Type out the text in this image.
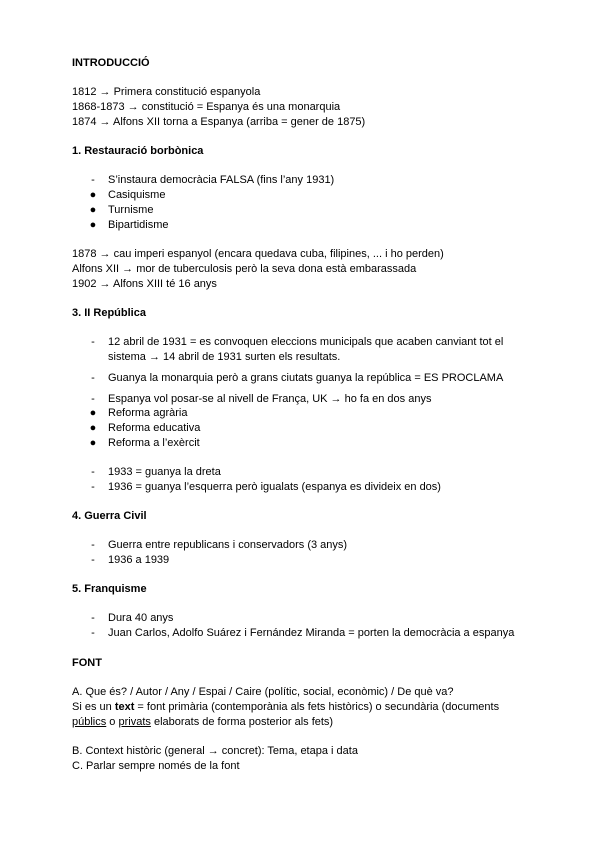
INTRODUCCIÓ
1812 → Primera constitució espanyola
1868-1873 → constitució = Espanya és una monarquia
1874 → Alfons XII torna a Espanya (arriba = gener de 1875)
1. Restauració borbònica
- S’instaura democràcia FALSA (fins l’any 1931)
● Casiquisme
● Turnisme
● Bipartidisme
1878 → cau imperi espanyol (encara quedava cuba, filipines, ... i ho perden)
Alfons XII → mor de tuberculosis però la seva dona està embarassada
1902 → Alfons XIII té 16 anys
3. II República
- 12 abril de 1931 = es convoquen eleccions municipals que acaben canviant tot el
sistema → 14 abril de 1931 surten els resultats.
- Guanya la monarquia però a grans ciutats guanya la república = ES PROCLAMA
- Espanya vol posar-se al nivell de França, UK → ho fa en dos anys
● Reforma agrària
● Reforma educativa
● Reforma a l’exèrcit
- 1933 = guanya la dreta
- 1936 = guanya l’esquerra però igualats (espanya es divideix en dos)
4. Guerra Civil
- Guerra entre republicans i conservadors (3 anys)
- 1936 a 1939
5. Franquisme
- Dura 40 anys
- Juan Carlos, Adolfo Suárez i Fernández Miranda = porten la democràcia a espanya
FONT
A. Que és? / Autor / Any / Espai / Caire (polític, social, econòmic) / De què va?
Si es un text = font primària (contemporània als fets històrics) o secundària (documents
públics o privats elaborats de forma posterior als fets)
B. Context històric (general → concret): Tema, etapa i data
C. Parlar sempre només de la font
